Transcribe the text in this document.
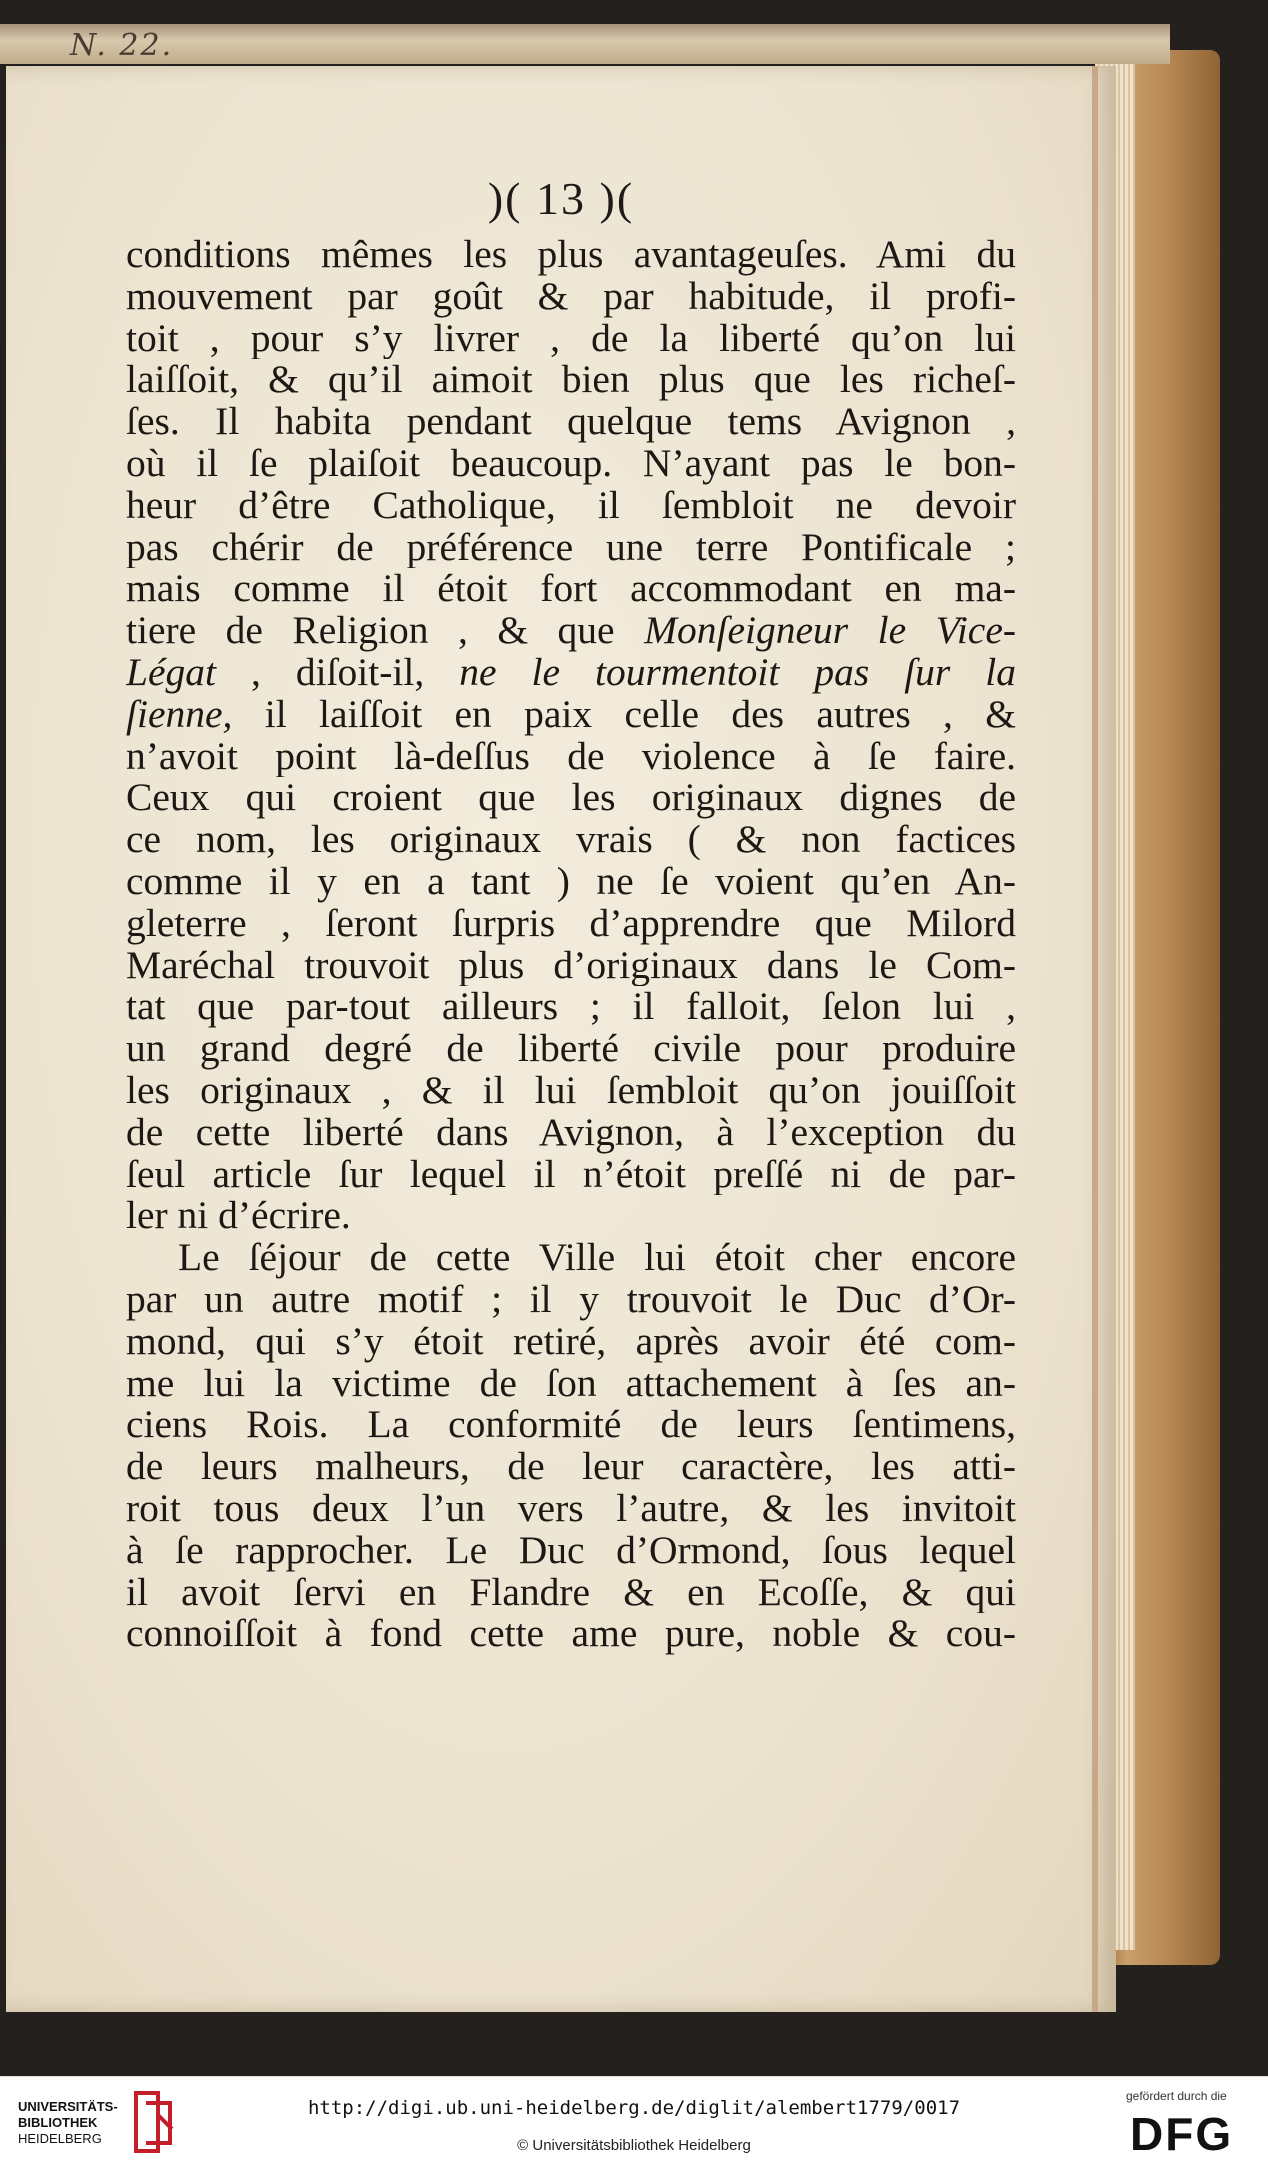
N. 22.
)( 13 )(
conditions mêmes les plus avantageuſes. Ami du
mouvement par goût & par habitude, il profi-
toit , pour s’y livrer , de la liberté qu’on lui
laiſſoit, & qu’il aimoit bien plus que les richeſ-
ſes. Il habita pendant quelque tems Avignon ,
où il ſe plaiſoit beaucoup. N’ayant pas le bon-
heur d’être Catholique, il ſembloit ne devoir
pas chérir de préférence une terre Pontificale ;
mais comme il étoit fort accommodant en ma-
tiere de Religion , & que Monſeigneur le Vice-
Légat , diſoit-il, ne le tourmentoit pas ſur la
ſienne, il laiſſoit en paix celle des autres , &
n’avoit point là-deſſus de violence à ſe faire.
Ceux qui croient que les originaux dignes de
ce nom, les originaux vrais ( & non factices
comme il y en a tant ) ne ſe voient qu’en An-
gleterre , ſeront ſurpris d’apprendre que Milord
Maréchal trouvoit plus d’originaux dans le Com-
tat que par-tout ailleurs ; il falloit, ſelon lui ,
un grand degré de liberté civile pour produire
les originaux , & il lui ſembloit qu’on jouiſſoit
de cette liberté dans Avignon, à l’exception du
ſeul article ſur lequel il n’étoit preſſé ni de par-
ler ni d’écrire.
Le ſéjour de cette Ville lui étoit cher encore
par un autre motif ; il y trouvoit le Duc d’Or-
mond, qui s’y étoit retiré, après avoir été com-
me lui la victime de ſon attachement à ſes an-
ciens Rois. La conformité de leurs ſentimens,
de leurs malheurs, de leur caractère, les atti-
roit tous deux l’un vers l’autre, & les invitoit
à ſe rapprocher. Le Duc d’Ormond, ſous lequel
il avoit ſervi en Flandre & en Ecoſſe, & qui
connoiſſoit à fond cette ame pure, noble & cou-
UNIVERSITÄTS-
BIBLIOTHEK
HEIDELBERG
http://digi.ub.uni-heidelberg.de/diglit/alembert1779/0017
© Universitätsbibliothek Heidelberg
gefördert durch die
DFG
